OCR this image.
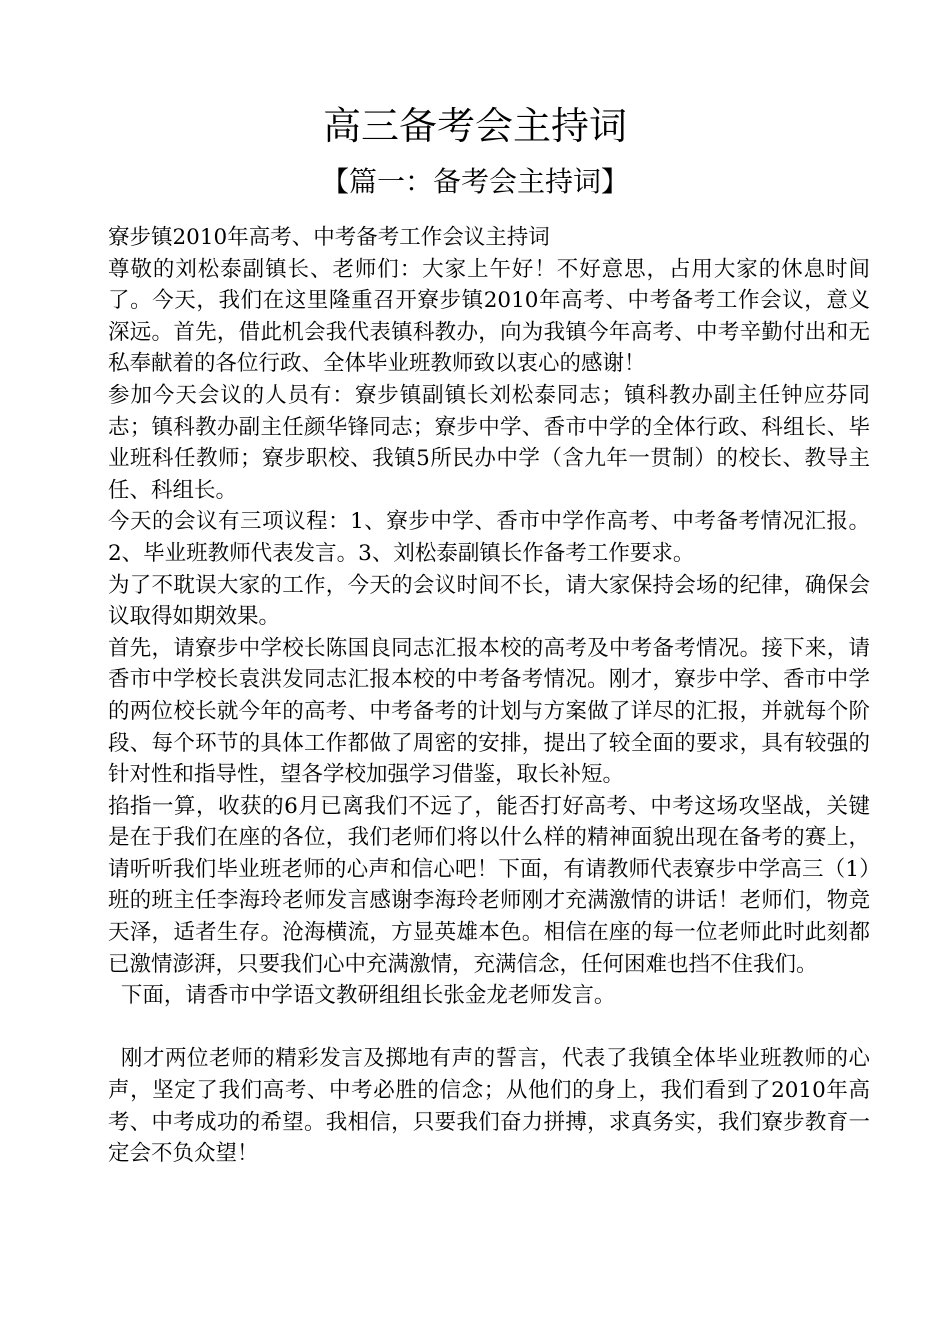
高三备考会主持词
【篇一：备考会主持词】

寮步镇2010年高考、中考备考工作会议主持词

尊敬的刘松泰副镇长、老师们：大家上午好！不好意思，占用大家的休息时间了。今天，我们在这里隆重召开寮步镇2010年高考、中考备考工作会议，意义深远。首先，借此机会我代表镇科教办，向为我镇今年高考、中考辛勤付出和无私奉献着的各位行政、全体毕业班教师致以衷心的感谢！

参加今天会议的人员有：寮步镇副镇长刘松泰同志；镇科教办副主任钟应芬同志；镇科教办副主任颜华锋同志；寮步中学、香市中学的全体行政、科组长、毕业班科任教师；寮步职校、我镇5所民办中学（含九年一贯制）的校长、教导主任、科组长。

今天的会议有三项议程：1、寮步中学、香市中学作高考、中考备考情况汇报。2、毕业班教师代表发言。3、刘松泰副镇长作备考工作要求。

为了不耽误大家的工作，今天的会议时间不长，请大家保持会场的纪律，确保会议取得如期效果。

首先，请寮步中学校长陈国良同志汇报本校的高考及中考备考情况。接下来，请香市中学校长袁洪发同志汇报本校的中考备考情况。刚才，寮步中学、香市中学的两位校长就今年的高考、中考备考的计划与方案做了详尽的汇报，并就每个阶段、每个环节的具体工作都做了周密的安排，提出了较全面的要求，具有较强的针对性和指导性，望各学校加强学习借鉴，取长补短。

掐指一算，收获的6月已离我们不远了，能否打好高考、中考这场攻坚战，关键是在于我们在座的各位，我们老师们将以什么样的精神面貌出现在备考的赛上，请听听我们毕业班老师的心声和信心吧！下面，有请教师代表寮步中学高三（1）班的班主任李海玲老师发言感谢李海玲老师刚才充满激情的讲话！老师们，物竞天泽，适者生存。沧海横流，方显英雄本色。相信在座的每一位老师此时此刻都已激情澎湃，只要我们心中充满激情，充满信念，任何困难也挡不住我们。

下面，请香市中学语文教研组组长张金龙老师发言。

刚才两位老师的精彩发言及掷地有声的誓言，代表了我镇全体毕业班教师的心声，坚定了我们高考、中考必胜的信念；从他们的身上，我们看到了2010年高考、中考成功的希望。我相信，只要我们奋力拼搏，求真务实，我们寮步教育一定会不负众望！
